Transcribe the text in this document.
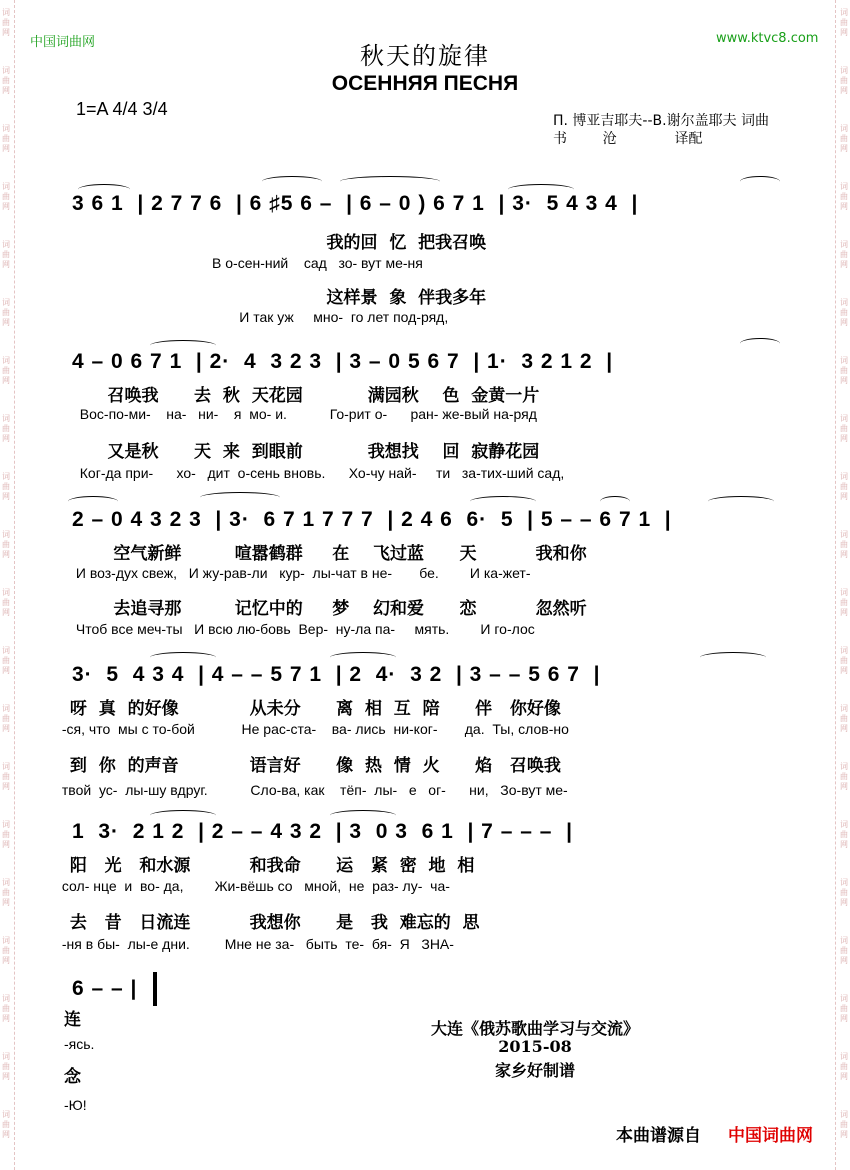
词
曲
网
词
曲
网
词
曲
网
词
曲
网
词
曲
网
词
曲
网
词
曲
网
词
曲
网
词
曲
网
词
曲
网
词
曲
网
词
曲
网
词
曲
网
词
曲
网
词
曲
网
词
曲
网
词
曲
网
词
曲
网
词
曲
网
词
曲
网
词
曲
网
词
曲
网
词
曲
网
词
曲
网
词
曲
网
词
曲
网
词
曲
网
词
曲
网
词
曲
网
词
曲
网
词
曲
网
词
曲
网
词
曲
网
词
曲
网
词
曲
网
词
曲
网
词
曲
网
词
曲
网
词
曲
网
词
曲
网
中国词曲网	www.ktvc8.com
秋天的旋律
ОСЕННЯЯ ПЕСНЯ
1=A 4/4 3/4
П. 博亚吉耶夫--В.谢尔盖耶夫 词曲
书        沧             译配
3 6 1  | 2 7 7 6  | 6 ♯5 6 –  | 6 – 0 ) 6 7 1  | 3·  5 4 3 4  |
我的回  忆  把我召唤
В о-сен-ний    сад   зо- вут ме-ня
这样景  象  伴我多年
И так уж     мно-  го лет под-ряд,
4 – 0 6 7 1  | 2·  4  3 2 3  | 3 – 0 5 6 7  | 1·  3 2 1 2  |
召唤我      去  秋  天花园           满园秋    色  金黄一片
Вос-по-ми-    на-   ни-    я  мо- и.           Го-рит о-      ран- же-вый на-ряд
又是秋      天  来  到眼前           我想找    回  寂静花园
Ког-да при-      хо-   дит  о-сень вновь.      Хо-чу най-     ти   за-тих-ший сад,
2 – 0 4 3 2 3  | 3·  6 7 1 7 7 7  | 2 4 6  6·  5  | 5 – – 6 7 1  |
空气新鲜         喧嚣鹤群     在    飞过蓝      天          我和你
И воз-дух свеж,   И жу-рав-ли   кур-  лы-чат в не-       бе.        И ка-жет-
去追寻那         记忆中的     梦    幻和爱      恋          忽然听
Чтоб все меч-ты   И всю лю-бовь  Вер-  ну-ла па-     мять.        И го-лос
3·  5  4 3 4  | 4 – – 5 7 1  | 2  4·  3 2  | 3 – – 5 6 7  |
呀  真  的好像            从未分      离  相  互  陪      伴   你好像
-ся, что  мы с то-бой            Не рас-ста-    ва- лись  ни-ког-       да.  Ты, слов-но
到  你  的声音            语言好      像  热  情  火      焰   召唤我
твой  ус-  лы-шу вдруг.           Сло-ва, как    тёп-  лы-   е   ог-      ни,   Зо-вут ме-
1  3·  2 1 2  | 2 – – 4 3 2  | 3  0 3  6 1  | 7 – – –  |
阳   光   和水源          和我命      运   紧  密  地  相
сол- нце  и  во- да,        Жи-вёшь со   мной,  не  раз- лу-  ча-
去   昔   日流连          我想你      是   我  难忘的  思
-ня в бы-  лы-е дни.         Мне не за-   быть  те-  бя-  Я   ЗНА-
6 – – |
连
-ясь.
念
-Ю!
大连《俄苏歌曲学习与交流》
2015-08
家乡好制谱
本曲谱源自 中国词曲网
